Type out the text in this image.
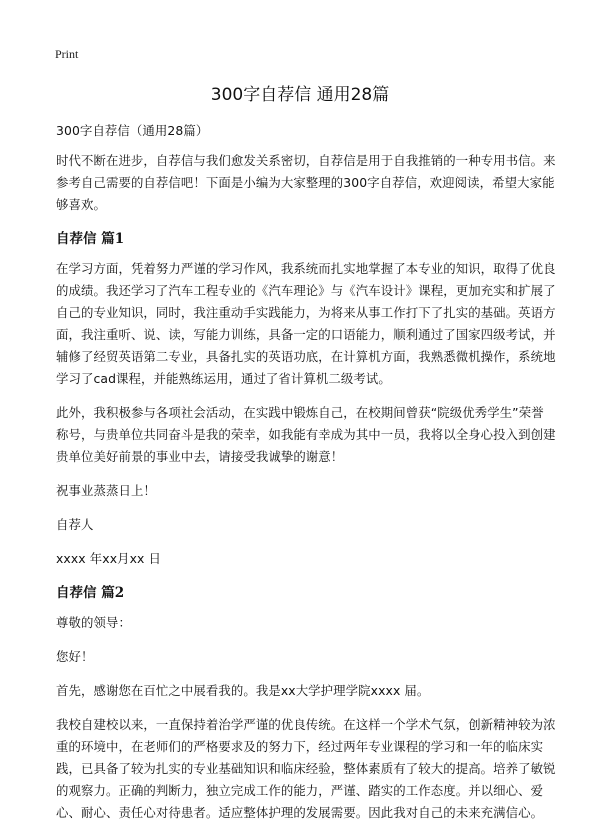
Print
300字自荐信 通用28篇

300字自荐信（通用28篇）

时代不断在进步，自荐信与我们愈发关系密切，自荐信是用于自我推销的一种专用书信。来参考自己需要的自荐信吧！下面是小编为大家整理的300字自荐信，欢迎阅读，希望大家能够喜欢。

自荐信 篇1

在学习方面，凭着努力严谨的学习作风，我系统而扎实地掌握了本专业的知识，取得了优良的成绩。我还学习了汽车工程专业的《汽车理论》与《汽车设计》课程，更加充实和扩展了自己的专业知识，同时，我注重动手实践能力，为将来从事工作打下了扎实的基础。英语方面，我注重听、说、读，写能力训练，具备一定的口语能力，顺利通过了国家四级考试，并辅修了经贸英语第二专业，具备扎实的英语功底，在计算机方面，我熟悉微机操作，系统地学习了cad课程，并能熟练运用，通过了省计算机二级考试。

此外，我积极参与各项社会活动，在实践中锻炼自己，在校期间曾获“院级优秀学生”荣誉称号，与贵单位共同奋斗是我的荣幸，如我能有幸成为其中一员，我将以全身心投入到创建贵单位美好前景的事业中去，请接受我诚挚的谢意！

祝事业蒸蒸日上！

自荐人

xxxx 年xx月xx 日

自荐信 篇2

尊敬的领导：

您好！

首先，感谢您在百忙之中展看我的。我是xx大学护理学院xxxx 届。

我校自建校以来，一直保持着治学严谨的优良传统。在这样一个学术气氛，创新精神较为浓重的环境中，在老师们的严格要求及的努力下，经过两年专业课程的学习和一年的临床实践，已具备了较为扎实的专业基础知识和临床经验，整体素质有了较大的提高。培养了敏锐的观察力。正确的判断力，独立完成工作的能力，严谨、踏实的工作态度。并以细心、爱心、耐心、责任心对待患者。适应整体护理的发展需要。因此我对自己的未来充满信心。
